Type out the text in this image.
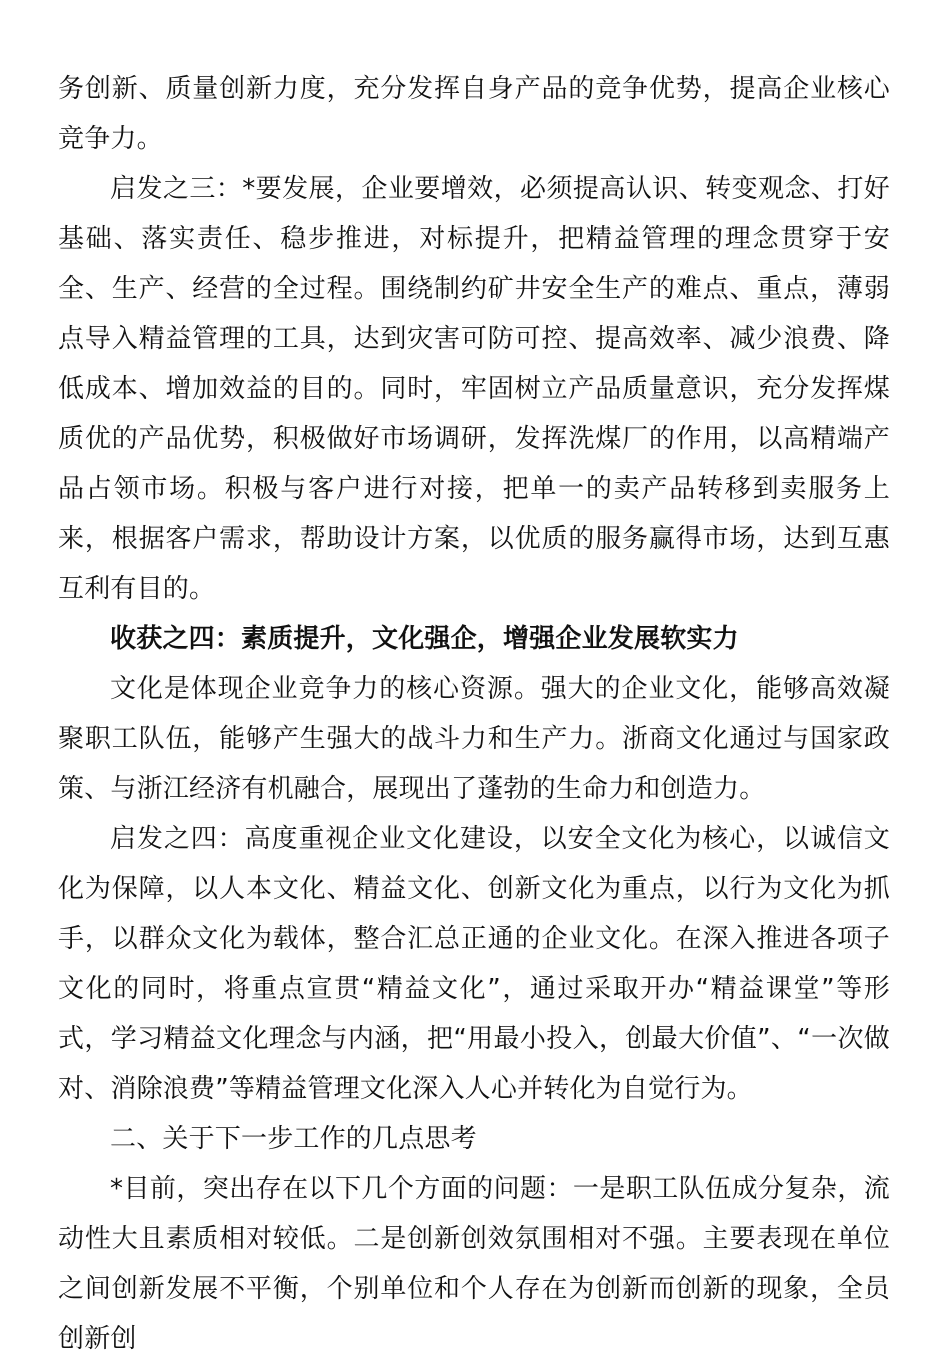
务创新、质量创新力度，充分发挥自身产品的竞争优势，提高企业核心竞争力。

启发之三：*要发展，企业要增效，必须提高认识、转变观念、打好基础、落实责任、稳步推进，对标提升，把精益管理的理念贯穿于安全、生产、经营的全过程。围绕制约矿井安全生产的难点、重点，薄弱点导入精益管理的工具，达到灾害可防可控、提高效率、减少浪费、降低成本、增加效益的目的。同时，牢固树立产品质量意识，充分发挥煤质优的产品优势，积极做好市场调研，发挥洗煤厂的作用，以高精端产品占领市场。积极与客户进行对接，把单一的卖产品转移到卖服务上来，根据客户需求，帮助设计方案，以优质的服务赢得市场，达到互惠互利有目的。

收获之四：素质提升，文化强企，增强企业发展软实力

文化是体现企业竞争力的核心资源。强大的企业文化，能够高效凝聚职工队伍，能够产生强大的战斗力和生产力。浙商文化通过与国家政策、与浙江经济有机融合，展现出了蓬勃的生命力和创造力。

启发之四：高度重视企业文化建设，以安全文化为核心，以诚信文化为保障，以人本文化、精益文化、创新文化为重点，以行为文化为抓手，以群众文化为载体，整合汇总正通的企业文化。在深入推进各项子文化的同时，将重点宣贯“精益文化”，通过采取开办“精益课堂”等形式，学习精益文化理念与内涵，把“用最小投入，创最大价值”、“一次做对、消除浪费”等精益管理文化深入人心并转化为自觉行为。

二、关于下一步工作的几点思考

*目前，突出存在以下几个方面的问题：一是职工队伍成分复杂，流动性大且素质相对较低。二是创新创效氛围相对不强。主要表现在单位之间创新发展不平衡，个别单位和个人存在为创新而创新的现象，全员创新创
